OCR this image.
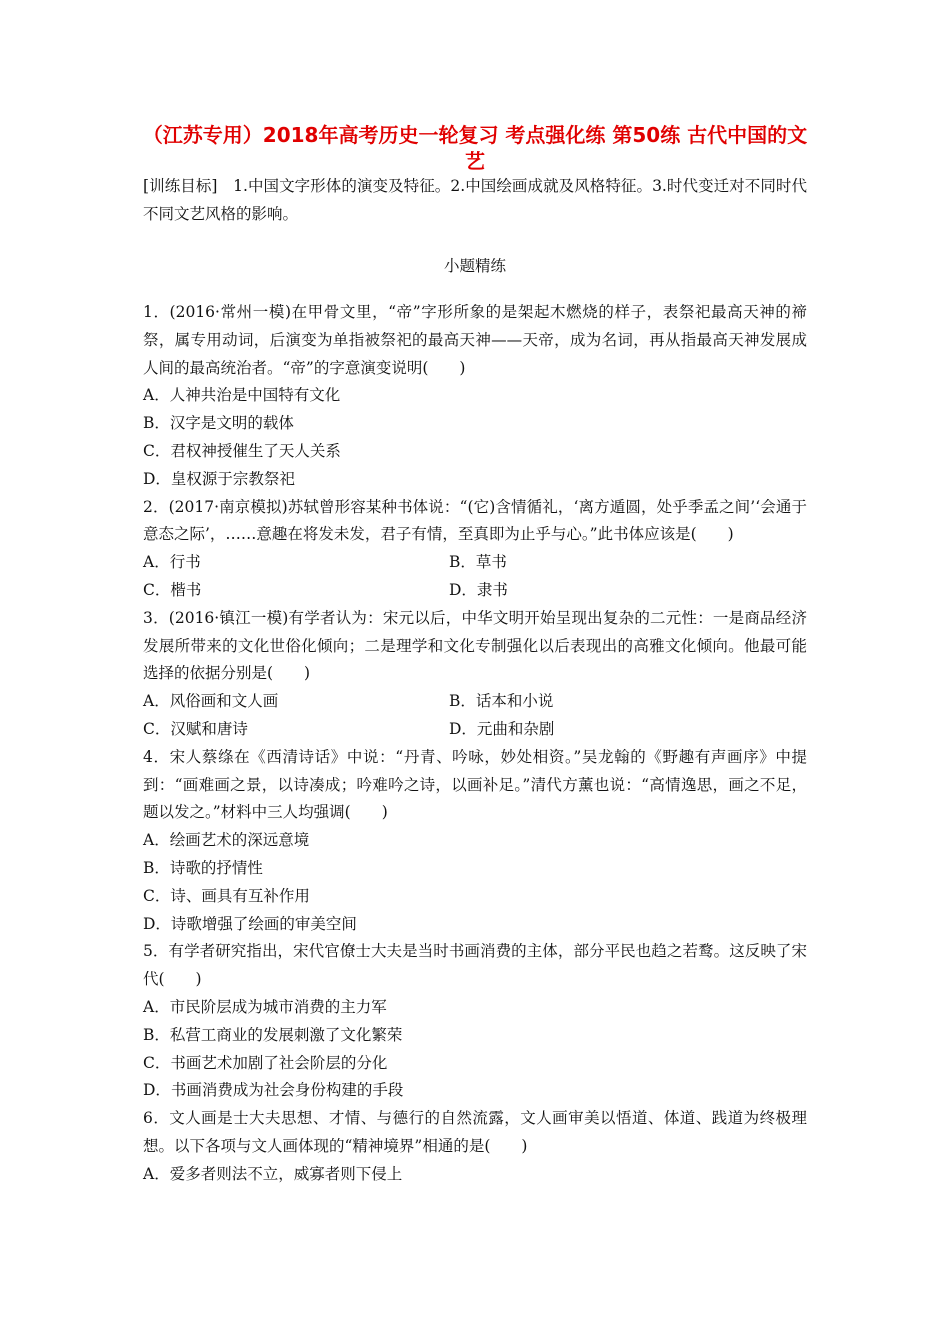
（江苏专用）2018年高考历史一轮复习 考点强化练 第50练 古代中国的文艺
[训练目标]　1.中国文字形体的演变及特征。2.中国绘画成就及风格特征。3.时代变迁对不同时代不同文艺风格的影响。
小题精练

1．(2016·常州一模)在甲骨文里，“帝”字形所象的是架起木燃烧的样子，表祭祀最高天神的禘祭，属专用动词，后演变为单指被祭祀的最高天神——天帝，成为名词，再从指最高天神发展成人间的最高统治者。“帝”的字意演变说明(　　)

A．人神共治是中国特有文化
B．汉字是文明的载体
C．君权神授催生了天人关系
D．皇权源于宗教祭祀

2．(2017·南京模拟)苏轼曾形容某种书体说：“(它)含情循礼，‘离方遁圆，处乎季孟之间’‘会通于意态之际’，……意趣在将发未发，君子有情，至真即为止乎与心。”此书体应该是(　　)

A．行书	B．草书
C．楷书	D．隶书

3．(2016·镇江一模)有学者认为：宋元以后，中华文明开始呈现出复杂的二元性：一是商品经济发展所带来的文化世俗化倾向；二是理学和文化专制强化以后表现出的高雅文化倾向。他最可能选择的依据分别是(　　)

A．风俗画和文人画	B．话本和小说
C．汉赋和唐诗	D．元曲和杂剧

4．宋人蔡绦在《西清诗话》中说：“丹青、吟咏，妙处相资。”吴龙翰的《野趣有声画序》中提到：“画难画之景，以诗凑成；吟难吟之诗，以画补足。”清代方薰也说：“高情逸思，画之不足，题以发之。”材料中三人均强调(　　)

A．绘画艺术的深远意境
B．诗歌的抒情性
C．诗、画具有互补作用
D．诗歌增强了绘画的审美空间

5．有学者研究指出，宋代官僚士大夫是当时书画消费的主体，部分平民也趋之若鹜。这反映了宋代(　　)

A．市民阶层成为城市消费的主力军
B．私营工商业的发展刺激了文化繁荣
C．书画艺术加剧了社会阶层的分化
D．书画消费成为社会身份构建的手段

6．文人画是士大夫思想、才情、与德行的自然流露，文人画审美以悟道、体道、践道为终极理想。以下各项与文人画体现的“精神境界”相通的是(　　)

A．爱多者则法不立，威寡者则下侵上
